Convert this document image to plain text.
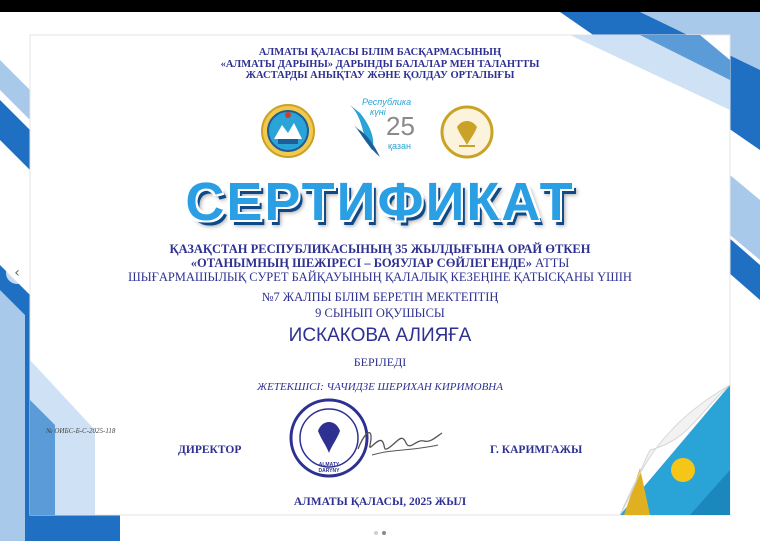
‹
АЛМАТЫ ҚАЛАСЫ БІЛІМ БАСҚАРМАСЫНЫҢ
«АЛМАТЫ ДАРЫНЫ» ДАРЫНДЫ БАЛАЛАР МЕН ТАЛАНТТЫ
ЖАСТАРДЫ АНЫҚТАУ ЖӘНЕ ҚОЛДАУ ОРТАЛЫҒЫ
Республика
күні 25
қазан
СЕРТИФИКАТ
ҚАЗАҚСТАН РЕСПУБЛИКАСЫНЫҢ 35 ЖЫЛДЫҒЫНА ОРАЙ ӨТКЕН
«ОТАНЫМНЫҢ ШЕЖІРЕСІ – БОЯУЛАР СӨЙЛЕГЕНДЕ» АТТЫ
ШЫҒАРМАШЫЛЫҚ СУРЕТ БАЙҚАУЫНЫҢ ҚАЛАЛЫҚ КЕЗЕҢІНЕ ҚАТЫСҚАНЫ ҮШІН
№7 ЖАЛПЫ БІЛІМ БЕРЕТІН МЕКТЕПТІҢ
9 СЫНЫП ОҚУШЫСЫ
ИСКАКОВА АЛИЯҒА
БЕРІЛЕДІ
ЖЕТЕКШІСІ: ЧАЧИДЗЕ ШЕРИХАН КИРИМОВНА
№ ОИБС-Б-С-2025-118
ДИРЕКТОР	Г. КАРИМГАЖЫ
ALMATY DARYNY
АЛМАТЫ ҚАЛАСЫ, 2025 ЖЫЛ
